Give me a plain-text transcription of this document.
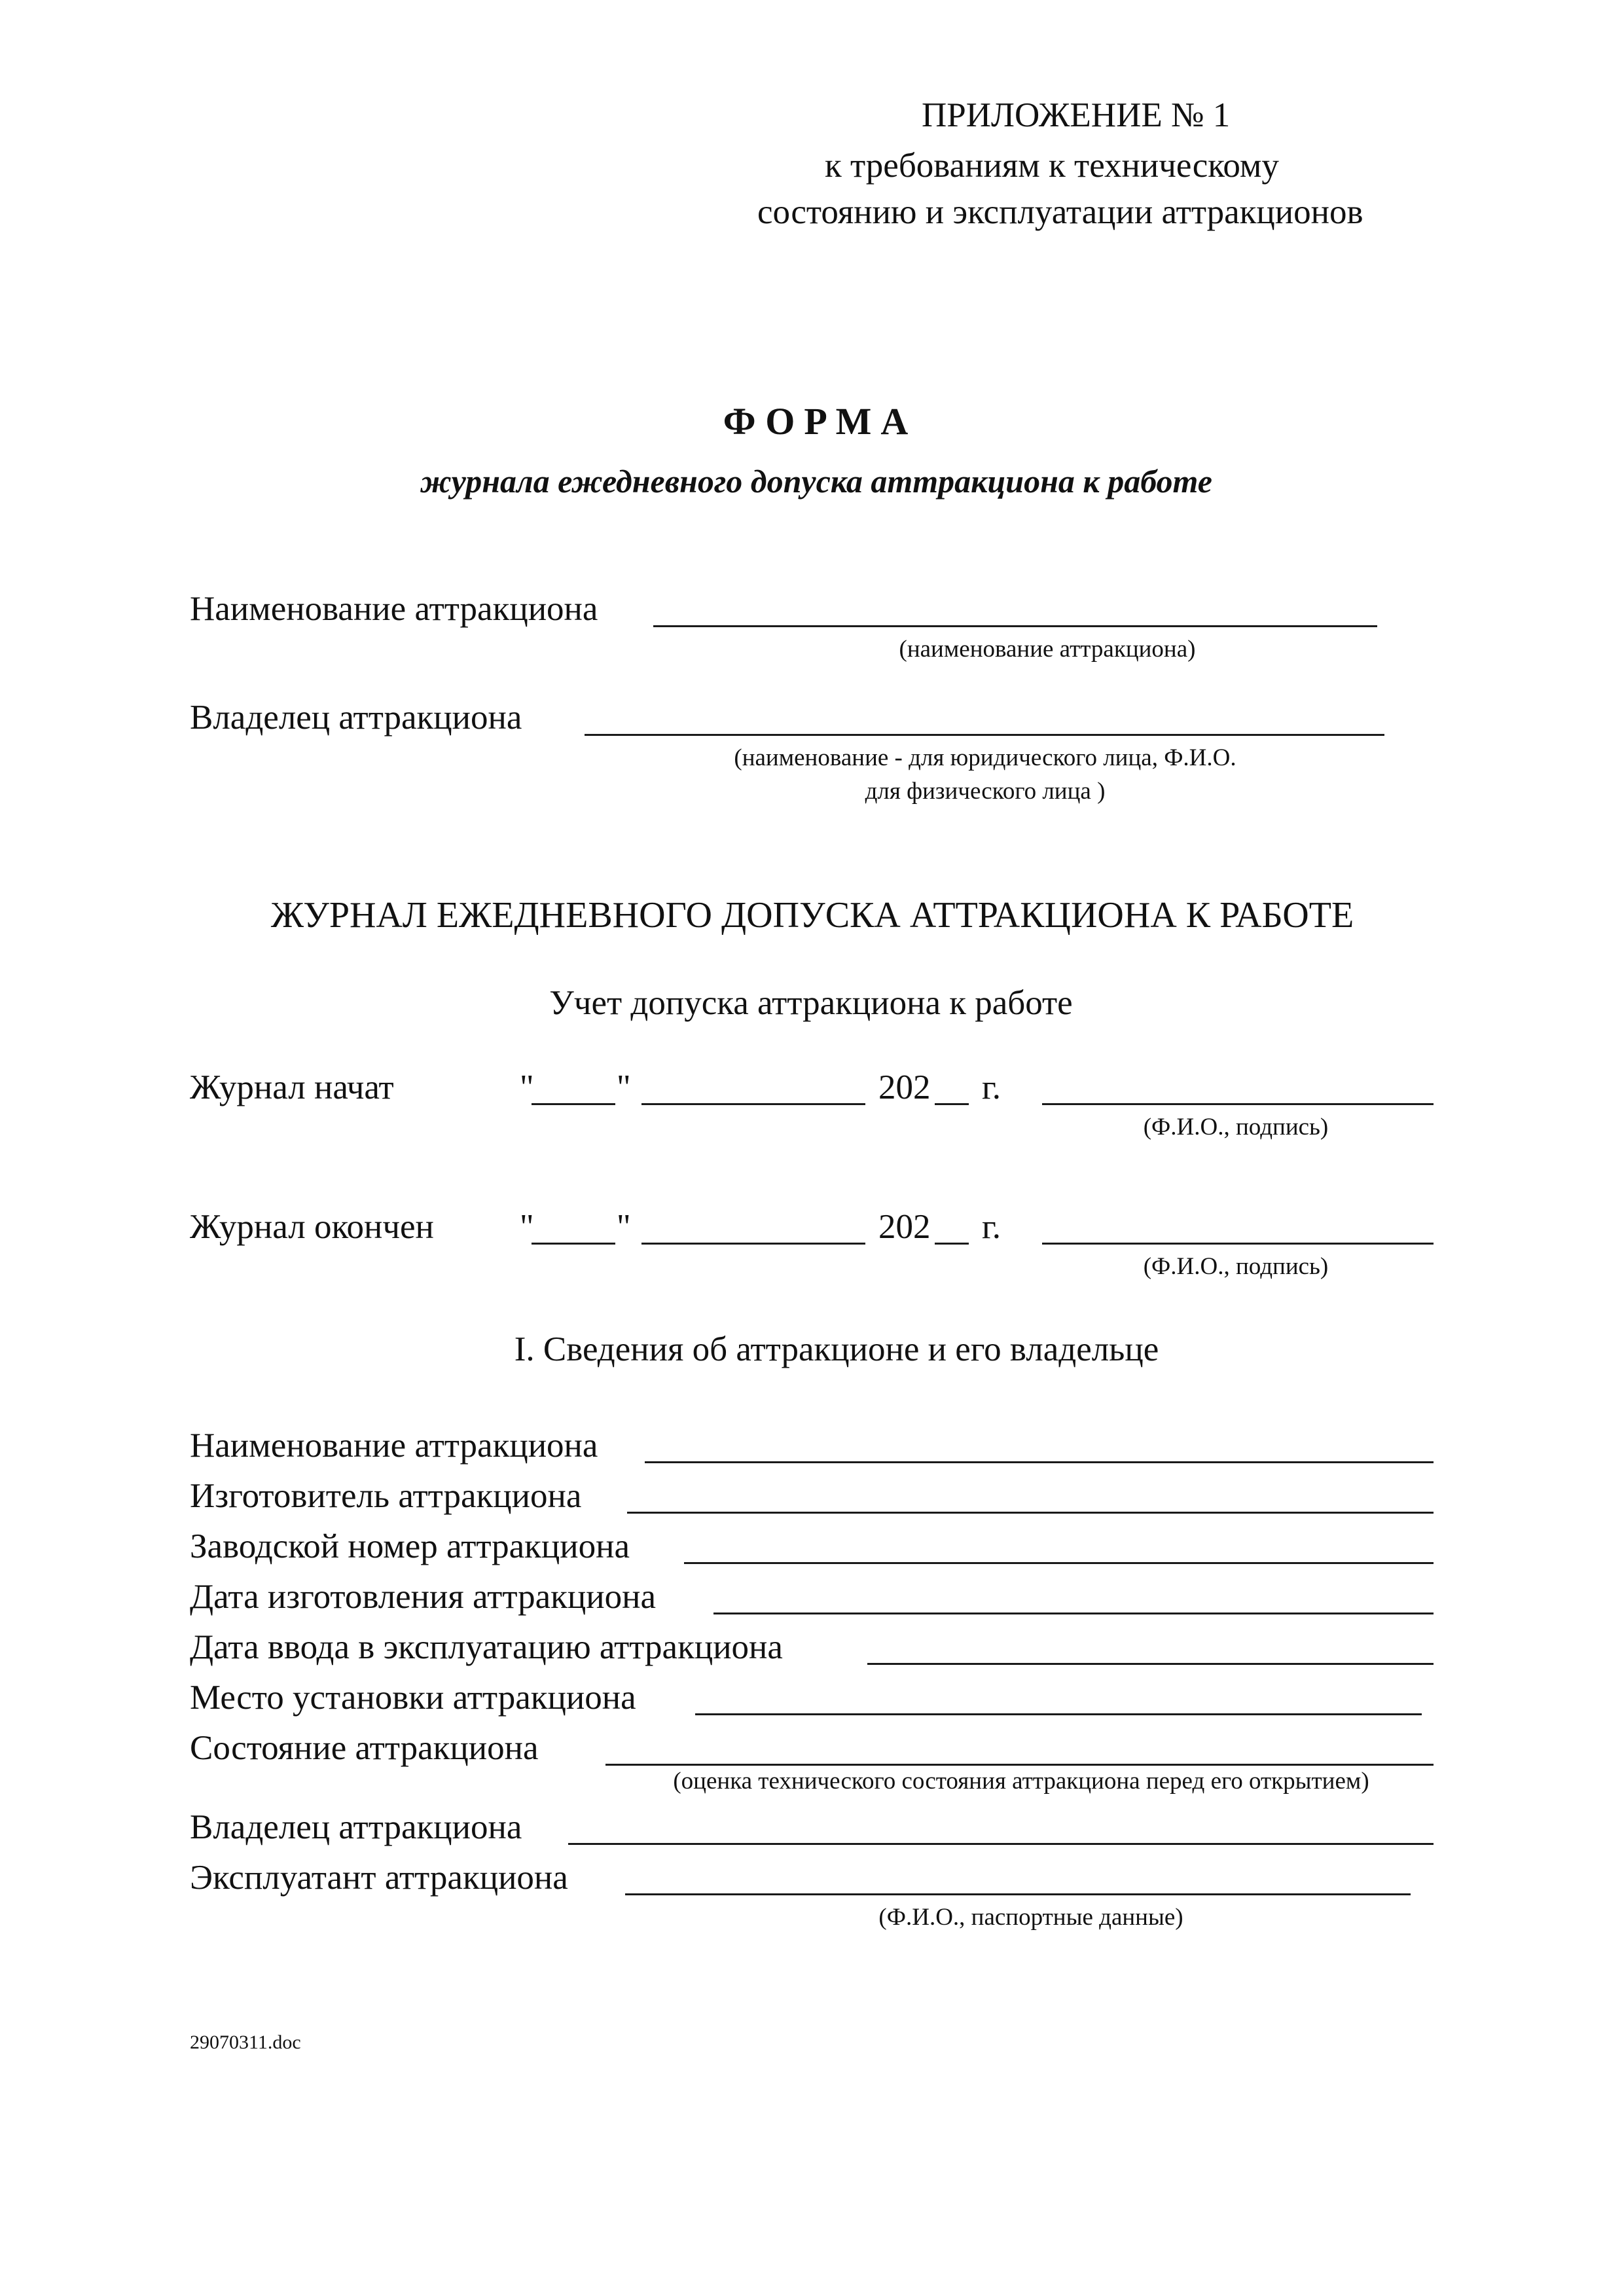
ПРИЛОЖЕНИЕ № 1
к требованиям к техническому
состоянию и эксплуатации аттракционов
ФОРМА
журнала ежедневного допуска аттракциона к работе
Наименование аттракциона
(наименование аттракциона)
Владелец аттракциона
(наименование - для юридического лица, Ф.И.О.
для физического лица )
ЖУРНАЛ ЕЖЕДНЕВНОГО ДОПУСКА АТТРАКЦИОНА К РАБОТЕ
Учет допуска аттракциона к работе
Журнал начат	" "	202 г.
(Ф.И.О., подпись)
Журнал окончен " "	202 г.
(Ф.И.О., подпись)
I. Сведения об аттракционе и его владельце
Наименование аттракциона
Изготовитель аттракциона
Заводской номер аттракциона
Дата изготовления аттракциона
Дата ввода в эксплуатацию аттракциона
Место установки аттракциона
Состояние аттракциона
(оценка технического состояния аттракциона перед его открытием)
Владелец аттракциона
Эксплуатант аттракциона
(Ф.И.О., паспортные данные)
29070311.doc
